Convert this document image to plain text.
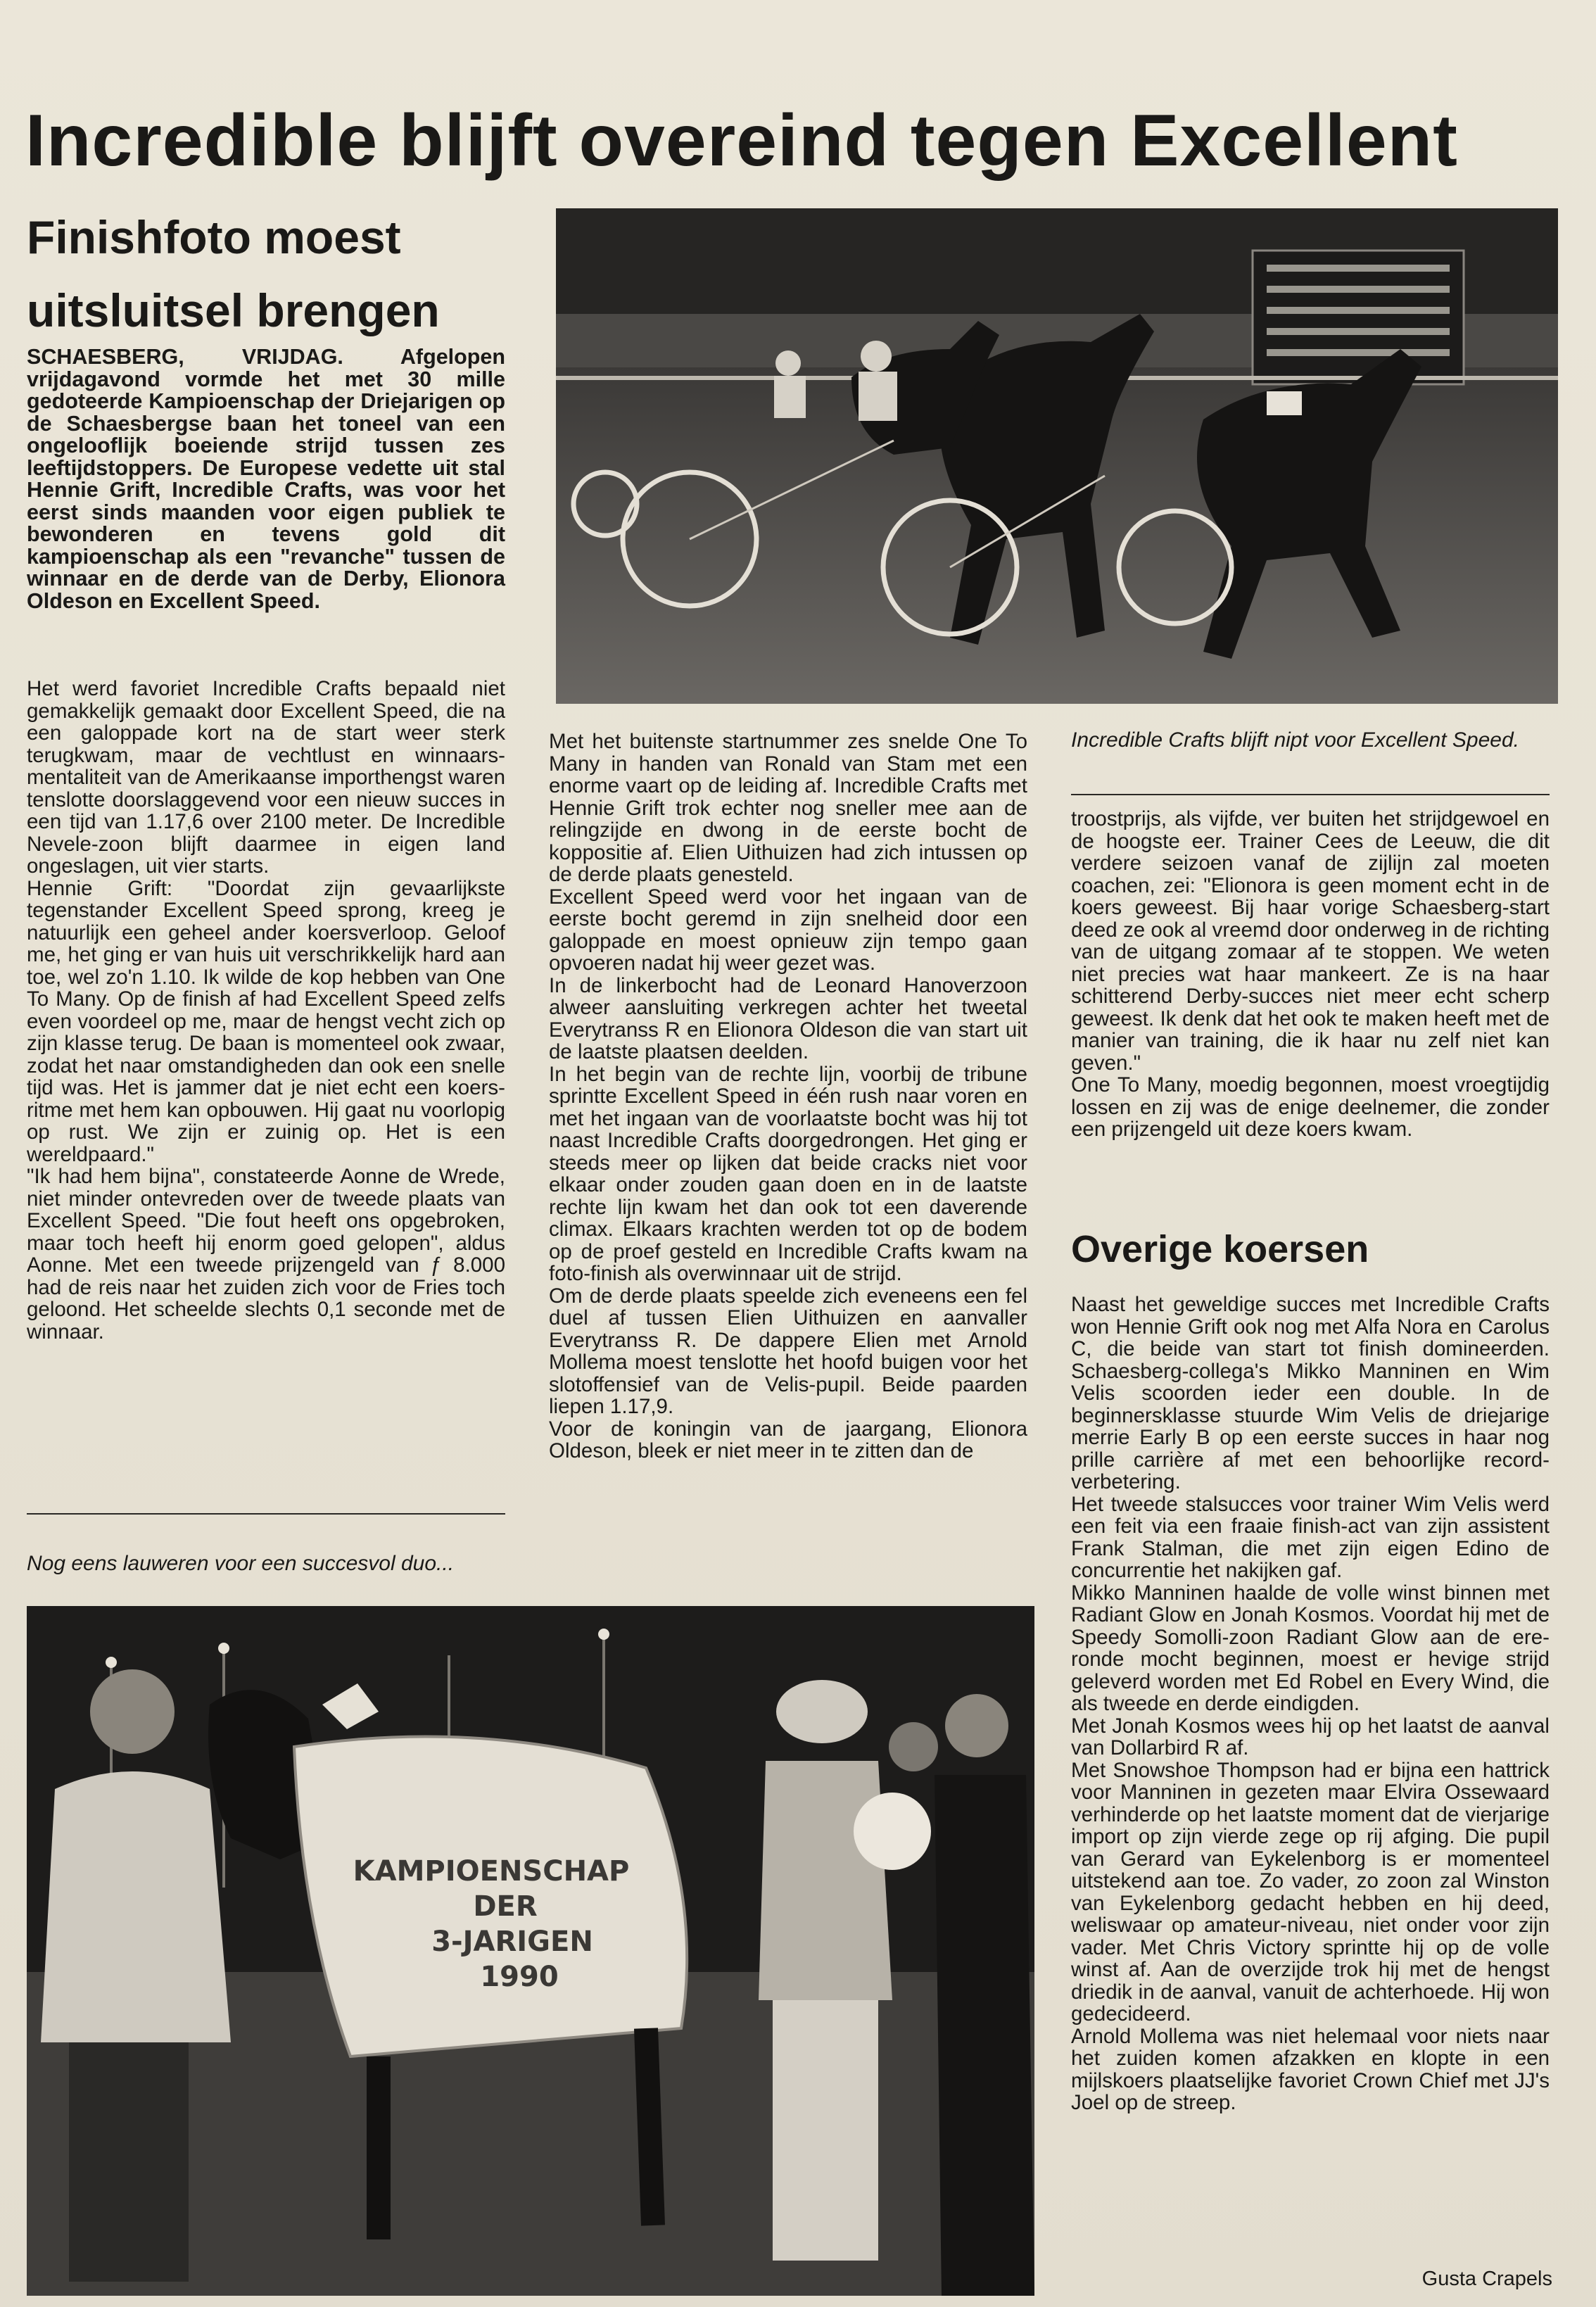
Incredible blijft overeind tegen Excellent
Finishfoto moest uitsluitsel brengen

SCHAESBERG, VRIJDAG. Afgelopen vrijdagavond vormde het met 30 mille gedoteerde Kampioenschap der Driejarigen op de Schaesbergse baan het toneel van een ongelooflijk boeiende strijd tussen zes leeftijdstoppers. De Europese vedette uit stal Hennie Grift, Incredible Crafts, was voor het eerst sinds maanden voor eigen publiek te bewonderen en tevens gold dit kampioenschap als een "revanche" tussen de winnaar en de derde van de Derby, Elionora Oldeson en Excellent Speed.

Het werd favoriet Incredible Crafts bepaald niet gemakkelijk gemaakt door Excellent Speed, die na een galoppade kort na de start weer sterk terugkwam, maar de vechtlust en winnaars-mentaliteit van de Amerikaanse importhengst waren tenslotte doorslaggevend voor een nieuw succes in een tijd van 1.17,6 over 2100 meter. De Incredible Nevele-zoon blijft daarmee in eigen land ongeslagen, uit vier starts.

Hennie Grift: "Doordat zijn gevaarlijkste tegenstander Excellent Speed sprong, kreeg je natuurlijk een geheel ander koersverloop. Geloof me, het ging er van huis uit verschrikkelijk hard aan toe, wel zo'n 1.10. Ik wilde de kop hebben van One To Many. Op de finish af had Excellent Speed zelfs even voordeel op me, maar de hengst vecht zich op zijn klasse terug. De baan is momenteel ook zwaar, zodat het naar omstandigheden dan ook een snelle tijd was. Het is jammer dat je niet echt een koers-ritme met hem kan opbouwen. Hij gaat nu voorlopig op rust. We zijn er zuinig op. Het is een wereldpaard."

"Ik had hem bijna", constateerde Aonne de Wrede, niet minder ontevreden over de tweede plaats van Excellent Speed. "Die fout heeft ons opgebroken, maar toch heeft hij enorm goed gelopen", aldus Aonne. Met een tweede prijzengeld van ƒ 8.000 had de reis naar het zuiden zich voor de Fries toch geloond. Het scheelde slechts 0,1 seconde met de winnaar.

Nog eens lauweren voor een succesvol duo...

Met het buitenste startnummer zes snelde One To Many in handen van Ronald van Stam met een enorme vaart op de leiding af. Incredible Crafts met Hennie Grift trok echter nog sneller mee aan de relingzijde en dwong in de eerste bocht de koppositie af. Elien Uithuizen had zich intussen op de derde plaats genesteld.

Excellent Speed werd voor het ingaan van de eerste bocht geremd in zijn snelheid door een galoppade en moest opnieuw zijn tempo gaan opvoeren nadat hij weer gezet was.

In de linkerbocht had de Leonard Hanoverzoon alweer aansluiting verkregen achter het tweetal Everytranss R en Elionora Oldeson die van start uit de laatste plaatsen deelden.

In het begin van de rechte lijn, voorbij de tribune sprintte Excellent Speed in één rush naar voren en met het ingaan van de voorlaatste bocht was hij tot naast Incredible Crafts doorgedrongen. Het ging er steeds meer op lijken dat beide cracks niet voor elkaar onder zouden gaan doen en in de laatste rechte lijn kwam het dan ook tot een daverende climax. Elkaars krachten werden tot op de bodem op de proef gesteld en Incredible Crafts kwam na foto-finish als overwinnaar uit de strijd.

Om de derde plaats speelde zich eveneens een fel duel af tussen Elien Uithuizen en aanvaller Everytranss R. De dappere Elien met Arnold Mollema moest tenslotte het hoofd buigen voor het slotoffensief van de Velis-pupil. Beide paarden liepen 1.17,9.

Voor de koningin van de jaargang, Elionora Oldeson, bleek er niet meer in te zitten dan de

Incredible Crafts blijft nipt voor Excellent Speed.

troostprijs, als vijfde, ver buiten het strijdgewoel en de hoogste eer. Trainer Cees de Leeuw, die dit verdere seizoen vanaf de zijlijn zal moeten coachen, zei: "Elionora is geen moment echt in de koers geweest. Bij haar vorige Schaesberg-start deed ze ook al vreemd door onderweg in de richting van de uitgang zomaar af te stoppen. We weten niet precies wat haar mankeert. Ze is na haar schitterend Derby-succes niet meer echt scherp geweest. Ik denk dat het ook te maken heeft met de manier van training, die ik haar nu zelf niet kan geven."

One To Many, moedig begonnen, moest vroegtijdig lossen en zij was de enige deelnemer, die zonder een prijzengeld uit deze koers kwam.

Overige koersen

Naast het geweldige succes met Incredible Crafts won Hennie Grift ook nog met Alfa Nora en Carolus C, die beide van start tot finish domineerden. Schaesberg-collega's Mikko Manninen en Wim Velis scoorden ieder een double. In de beginnersklasse stuurde Wim Velis de driejarige merrie Early B op een eerste succes in haar nog prille carrière af met een behoorlijke record-verbetering.

Het tweede stalsucces voor trainer Wim Velis werd een feit via een fraaie finish-act van zijn assistent Frank Stalman, die met zijn eigen Edino de concurrentie het nakijken gaf.

Mikko Manninen haalde de volle winst binnen met Radiant Glow en Jonah Kosmos. Voordat hij met de Speedy Somolli-zoon Radiant Glow aan de ere-ronde mocht beginnen, moest er hevige strijd geleverd worden met Ed Robel en Every Wind, die als tweede en derde eindigden.

Met Jonah Kosmos wees hij op het laatst de aanval van Dollarbird R af.

Met Snowshoe Thompson had er bijna een hattrick voor Manninen in gezeten maar Elvira Ossewaard verhinderde op het laatste moment dat de vierjarige import op zijn vierde zege op rij afging. Die pupil van Gerard van Eykelenborg is er momenteel uitstekend aan toe. Zo vader, zo zoon zal Winston van Eykelenborg gedacht hebben en hij deed, weliswaar op amateur-niveau, niet onder voor zijn vader. Met Chris Victory sprintte hij op de volle winst af. Aan de overzijde trok hij met de hengst driedik in de aanval, vanuit de achterhoede. Hij won gedecideerd.

Arnold Mollema was niet helemaal voor niets naar het zuiden komen afzakken en klopte in een mijlskoers plaatselijke favoriet Crown Chief met JJ's Joel op de streep.

KAMPIOENSCHAP
DER
3-JARIGEN
1990

Gusta Crapels
